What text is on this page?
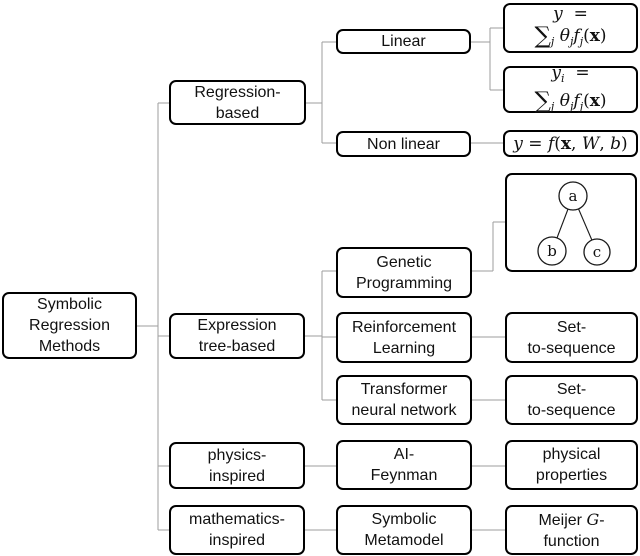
Symbolic
Regression
Methods
Regression-
based
Linear
Non linear
Expression
tree-based
Genetic
Programming
Reinforcement
Learning
Transformer
neural network
physics-
inspired
AI-
Feynman
mathematics-
inspired
Symbolic
Metamodel
y  =
$\sum_j$ $\theta_jf_j(x)$
$y_i$  =
$\sum_j$ $\theta_jf_j(x)$
y = f(x, W, b)
a
b c
Set-
to-sequence
Set-
to-sequence
physical
properties
Meijer G-
function
